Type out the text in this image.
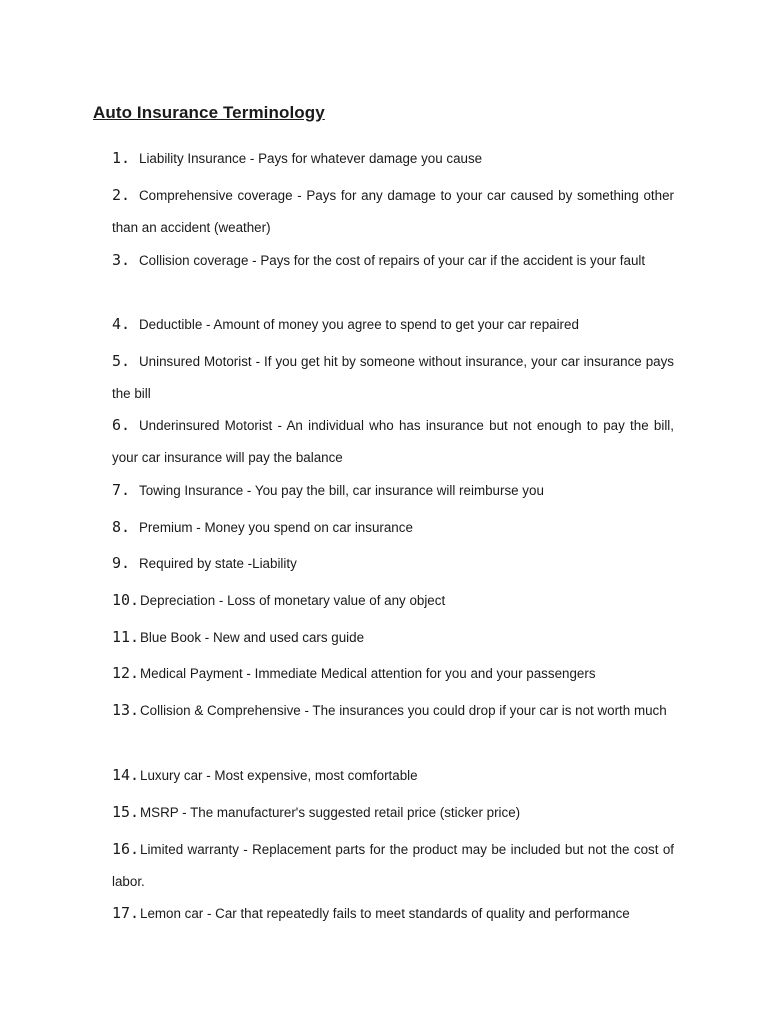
Auto Insurance Terminology
1. Liability Insurance - Pays for whatever damage you cause
2. Comprehensive coverage - Pays for any damage to your car caused by something other than an accident (weather)
3. Collision coverage - Pays for the cost of repairs of your car if the accident is your fault
4. Deductible - Amount of money you agree to spend to get your car repaired
5. Uninsured Motorist - If you get hit by someone without insurance, your car insurance pays the bill
6. Underinsured Motorist - An individual who has insurance but not enough to pay the bill, your car insurance will pay the balance
7. Towing Insurance - You pay the bill, car insurance will reimburse you
8. Premium - Money you spend on car insurance
9. Required by state -Liability
10.Depreciation - Loss of monetary value of any object
11.Blue Book - New and used cars guide
12.Medical Payment - Immediate Medical attention for you and your passengers
13.Collision & Comprehensive - The insurances you could drop if your car is not worth much
14.Luxury car - Most expensive, most comfortable
15.MSRP - The manufacturer's suggested retail price (sticker price)
16.Limited warranty - Replacement parts for the product may be included but not the cost of labor.
17.Lemon car - Car that repeatedly fails to meet standards of quality and performance
